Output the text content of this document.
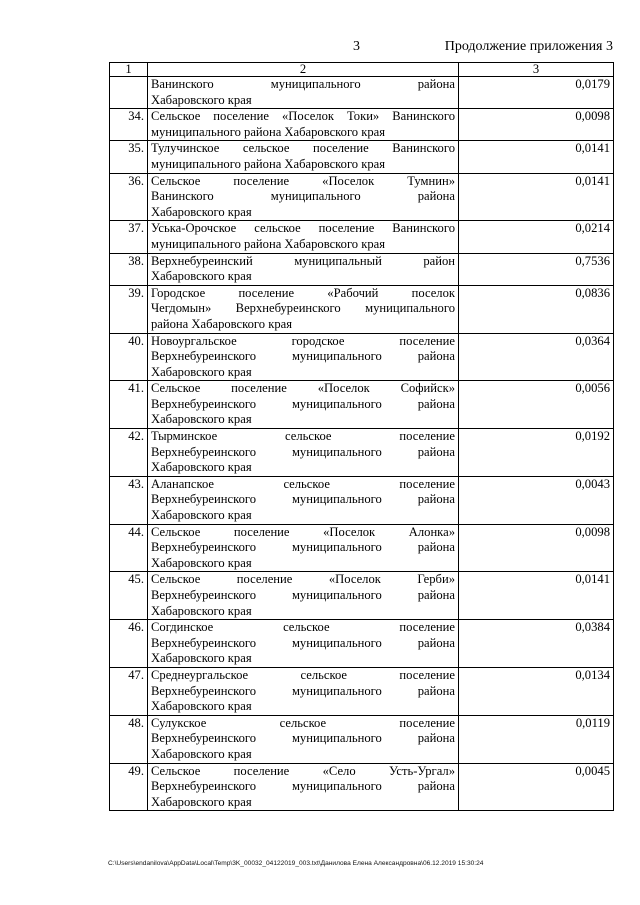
3	Продолжение приложения 3
1	2	3

	Ванинского муниципального района
Хабаровского края	0,0179
34.	Сельское поселение «Поселок Токи» Ванинского
муниципального района Хабаровского края	0,0098
35.	Тулучинское сельское поселение Ванинского
муниципального района Хабаровского края	0,0141
36.	Сельское поселение «Поселок Тумнин»
Ванинского муниципального района
Хабаровского края	0,0141
37.	Уська-Орочское сельское поселение Ванинского
муниципального района Хабаровского края	0,0214
38.	Верхнебуреинский муниципальный район
Хабаровского края	0,7536
39.	Городское поселение «Рабочий поселок
Чегдомын» Верхнебуреинского муниципального
района Хабаровского края	0,0836
40.	Новоургальское городское поселение
Верхнебуреинского муниципального района
Хабаровского края	0,0364
41.	Сельское поселение «Поселок Софийск»
Верхнебуреинского муниципального района
Хабаровского края	0,0056
42.	Тырминское сельское поселение
Верхнебуреинского муниципального района
Хабаровского края	0,0192
43.	Аланапское сельское поселение
Верхнебуреинского муниципального района
Хабаровского края	0,0043
44.	Сельское поселение «Поселок Алонка»
Верхнебуреинского муниципального района
Хабаровского края	0,0098
45.	Сельское поселение «Поселок Герби»
Верхнебуреинского муниципального района
Хабаровского края	0,0141
46.	Согдинское сельское поселение
Верхнебуреинского муниципального района
Хабаровского края	0,0384
47.	Среднеургальское сельское поселение
Верхнебуреинского муниципального района
Хабаровского края	0,0134
48.	Сулукское сельское поселение
Верхнебуреинского муниципального района
Хабаровского края	0,0119
49.	Сельское поселение «Село Усть-Ургал»
Верхнебуреинского муниципального района
Хабаровского края	0,0045
C:\Users\endanilova\AppData\Local\Temp\3K_00032_04122019_003.txt\Данилова Елена Александровна\06.12.2019 15:30:24
